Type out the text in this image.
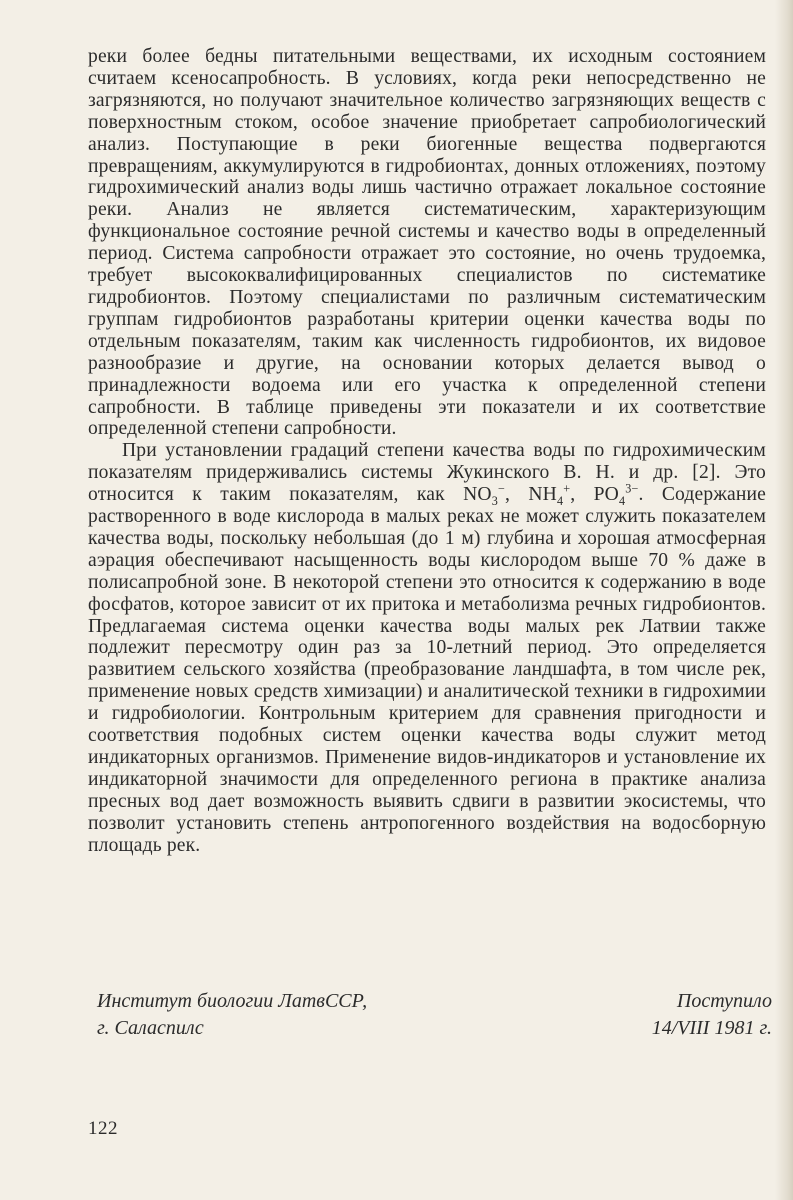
реки более бедны питательными веществами, их исходным состоянием считаем ксеносапробность. В условиях, когда реки непосредственно не загрязняются, но получают значительное количество загрязняющих веществ с поверхностным стоком, особое значение приобретает сапробиологический анализ. Поступающие в реки биогенные вещества подвергаются превращениям, аккумулируются в гидробионтах, донных отложениях, поэтому гидрохимический анализ воды лишь частично отражает локальное состояние реки. Анализ не является систематическим, характеризующим функциональное состояние речной системы и качество воды в определенный период. Система сапробности отражает это состояние, но очень трудоемка, требует высококвалифицированных специалистов по систематике гидробионтов. Поэтому специалистами по различным систематическим группам гидробионтов разработаны критерии оценки качества воды по отдельным показателям, таким как численность гидробионтов, их видовое разнообразие и другие, на основании которых делается вывод о принадлежности водоема или его участка к определенной степени сапробности. В таблице приведены эти показатели и их соответствие определенной степени сапробности.

При установлении градаций степени качества воды по гидрохимическим показателям придерживались системы Жукинского В. Н. и др. [2]. Это относится к таким показателям, как $NO_3^-$, $NH_4^+$, $PO_4^{3-}$. Содержание растворенного в воде кислорода в малых реках не может служить показателем качества воды, поскольку небольшая (до 1 м) глубина и хорошая атмосферная аэрация обеспечивают насыщенность воды кислородом выше 70 % даже в полисапробной зоне. В некоторой степени это относится к содержанию в воде фосфатов, которое зависит от их притока и метаболизма речных гидробионтов. Предлагаемая система оценки качества воды малых рек Латвии также подлежит пересмотру один раз за 10-летний период. Это определяется развитием сельского хозяйства (преобразование ландшафта, в том числе рек, применение новых средств химизации) и аналитической техники в гидрохимии и гидробиологии. Контрольным критерием для сравнения пригодности и соответствия подобных систем оценки качества воды служит метод индикаторных организмов. Применение видов-индикаторов и установление их индикаторной значимости для определенного региона в практике анализа пресных вод дает возможность выявить сдвиги в развитии экосистемы, что позволит установить степень антропогенного воздействия на водосборную площадь рек.

Институт биологии ЛатвССР,
г. Саласпилс
Поступило
14/VIII 1981 г.
122
